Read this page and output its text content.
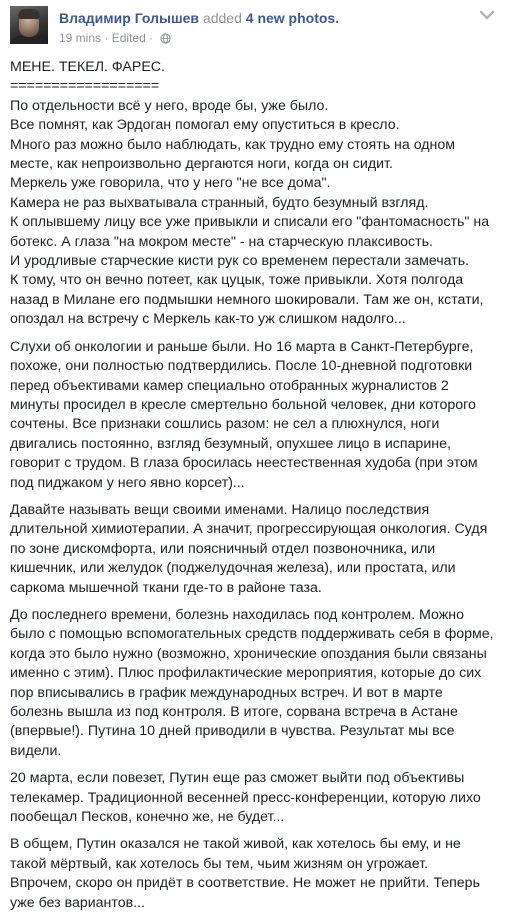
Владимир Голышев added 4 new photos.
19 mins · Edited ·
МЕНЕ. ТЕКЕЛ. ФАРЕС.
==================
По отдельности всё у него, вроде бы, уже было.
Все помнят, как Эрдоган помогал ему опуститься в кресло.
Много раз можно было наблюдать, как трудно ему стоять на одном
месте, как непроизвольно дергаются ноги, когда он сидит.
Меркель уже говорила, что у него "не все дома".
Камера не раз выхватывала странный, будто безумный взгляд.
К оплывшему лицу все уже привыкли и списали его "фантомасность" на
ботекс. А глаза "на мокром месте" - на старческую плаксивость.
И уродливые старческие кисти рук со временем перестали замечать.
К тому, что он вечно потеет, как цуцык, тоже привыкли. Хотя полгода
назад в Милане его подмышки немного шокировали. Там же он, кстати,
опоздал на встречу с Меркель как-то уж слишком надолго...
Слухи об онкологии и раньше были. Но 16 марта в Санкт-Петербурге,
похоже, они полностью подтвердились. После 10-дневной подготовки
перед объективами камер специально отобранных журналистов 2
минуты просидел в кресле смертельно больной человек, дни которого
сочтены. Все признаки сошлись разом: не сел а плюхнулся, ноги
двигались постоянно, взгляд безумный, опухшее лицо в испарине,
говорит с трудом. В глаза бросилась неестественная худоба (при этом
под пиджаком у него явно корсет)...
Давайте называть вещи своими именами. Налицо последствия
длительной химиотерапии. А значит, прогрессирующая онкология. Судя
по зоне дискомфорта, или поясничный отдел позвоночника, или
кишечник, или желудок (поджелудочная железа), или простата, или
саркома мышечной ткани где-то в районе таза.
До последнего времени, болезнь находилась под контролем. Можно
было с помощью вспомогательных средств поддерживать себя в форме,
когда это было нужно (возможно, хронические опоздания были связаны
именно с этим). Плюс профилактические мероприятия, которые до сих
пор вписывались в график международных встреч. И вот в марте
болезнь вышла из под контроля. В итоге, сорвана встреча в Астане
(впервые!). Путина 10 дней приводили в чувства. Результат мы все
видели.
20 марта, если повезет, Путин еще раз сможет выйти под объективы
телекамер. Традиционной весенней пресс-конференции, которую лихо
пообещал Песков, конечно же, не будет...
В общем, Путин оказался не такой живой, как хотелось бы ему, и не
такой мёртвый, как хотелось бы тем, чьим жизням он угрожает.
Впрочем, скоро он придёт в соответствие. Не может не прийти. Теперь
уже без вариантов...
